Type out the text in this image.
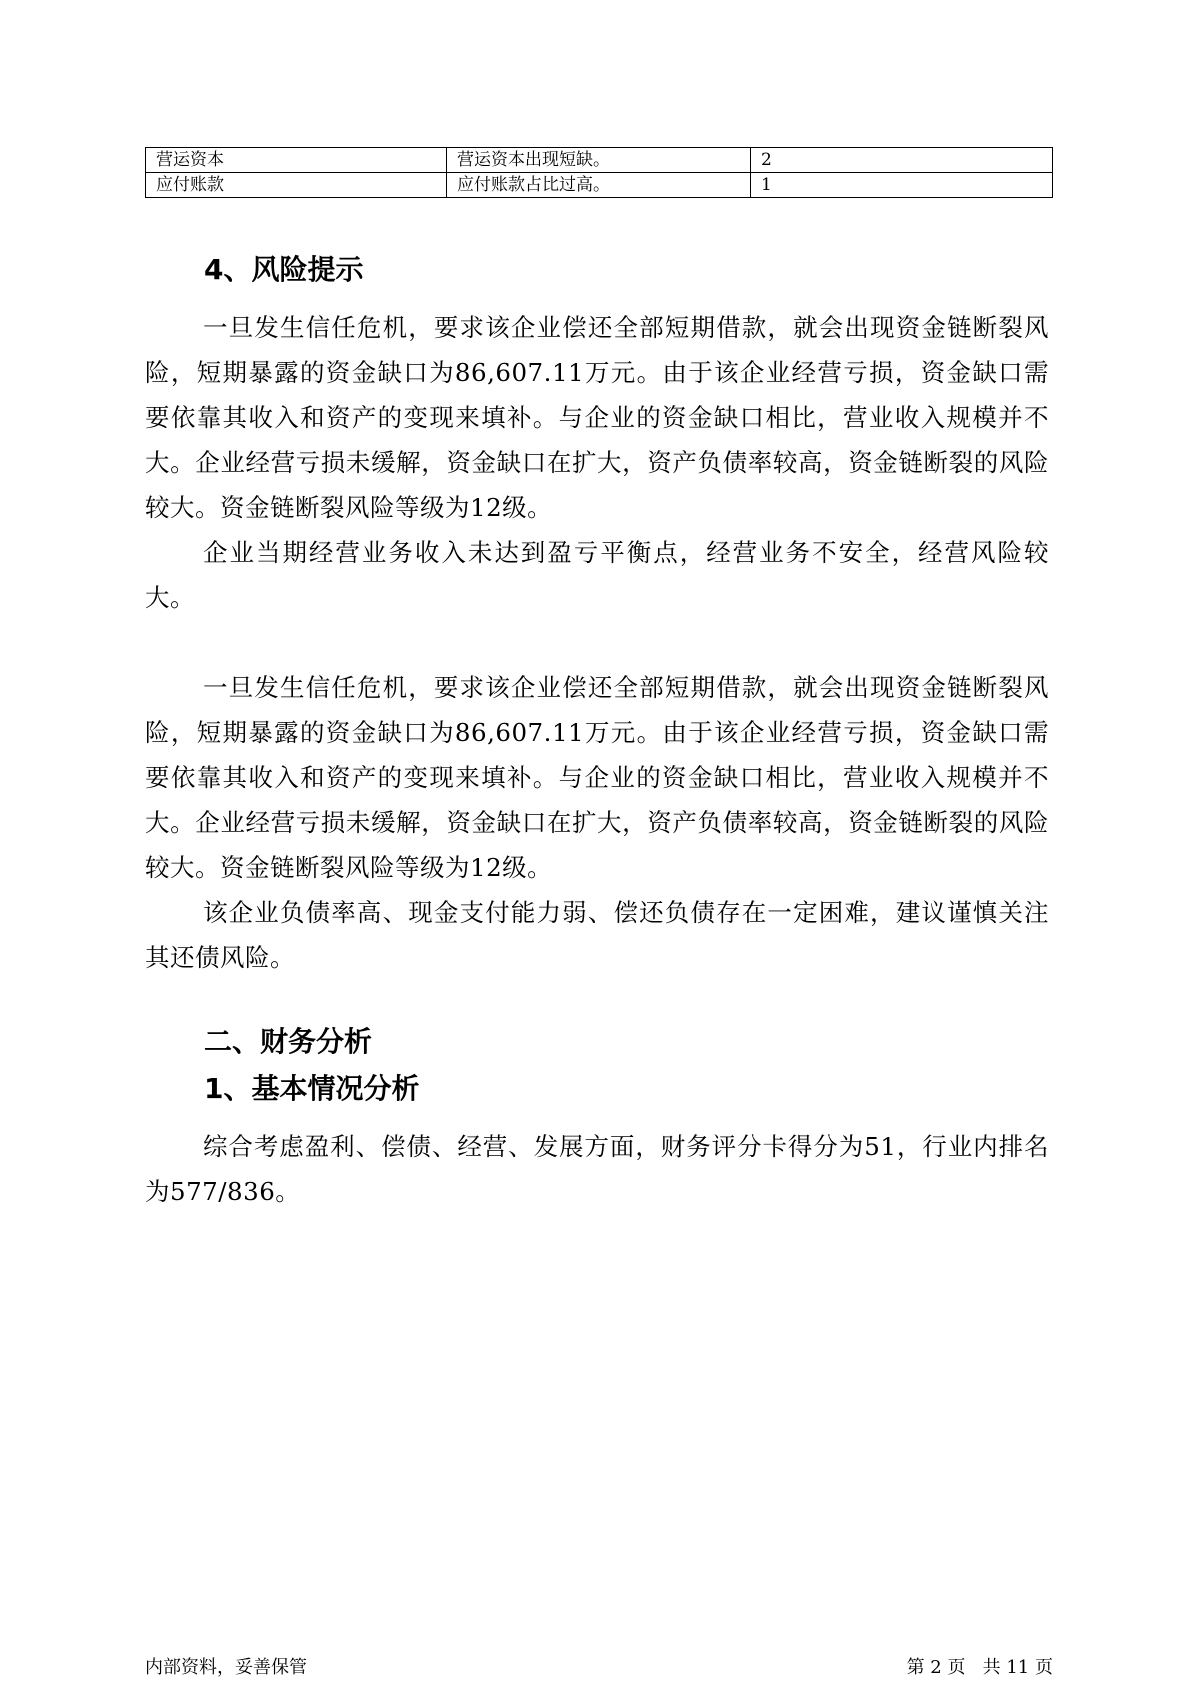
营运资本	营运资本出现短缺。	2
应付账款	应付账款占比过高。	1
4、风险提示

一旦发生信任危机，要求该企业偿还全部短期借款，就会出现资金链断裂风险，短期暴露的资金缺口为86,607.11万元。由于该企业经营亏损，资金缺口需要依靠其收入和资产的变现来填补。与企业的资金缺口相比，营业收入规模并不大。企业经营亏损未缓解，资金缺口在扩大，资产负债率较高，资金链断裂的风险较大。资金链断裂风险等级为12级。

企业当期经营业务收入未达到盈亏平衡点，经营业务不安全，经营风险较大。

一旦发生信任危机，要求该企业偿还全部短期借款，就会出现资金链断裂风险，短期暴露的资金缺口为86,607.11万元。由于该企业经营亏损，资金缺口需要依靠其收入和资产的变现来填补。与企业的资金缺口相比，营业收入规模并不大。企业经营亏损未缓解，资金缺口在扩大，资产负债率较高，资金链断裂的风险较大。资金链断裂风险等级为12级。

该企业负债率高、现金支付能力弱、偿还负债存在一定困难，建议谨慎关注其还债风险。

二、财务分析
1、基本情况分析

综合考虑盈利、偿债、经营、发展方面，财务评分卡得分为51，行业内排名为577/836。

内部资料，妥善保管	第 2 页   共 11 页
